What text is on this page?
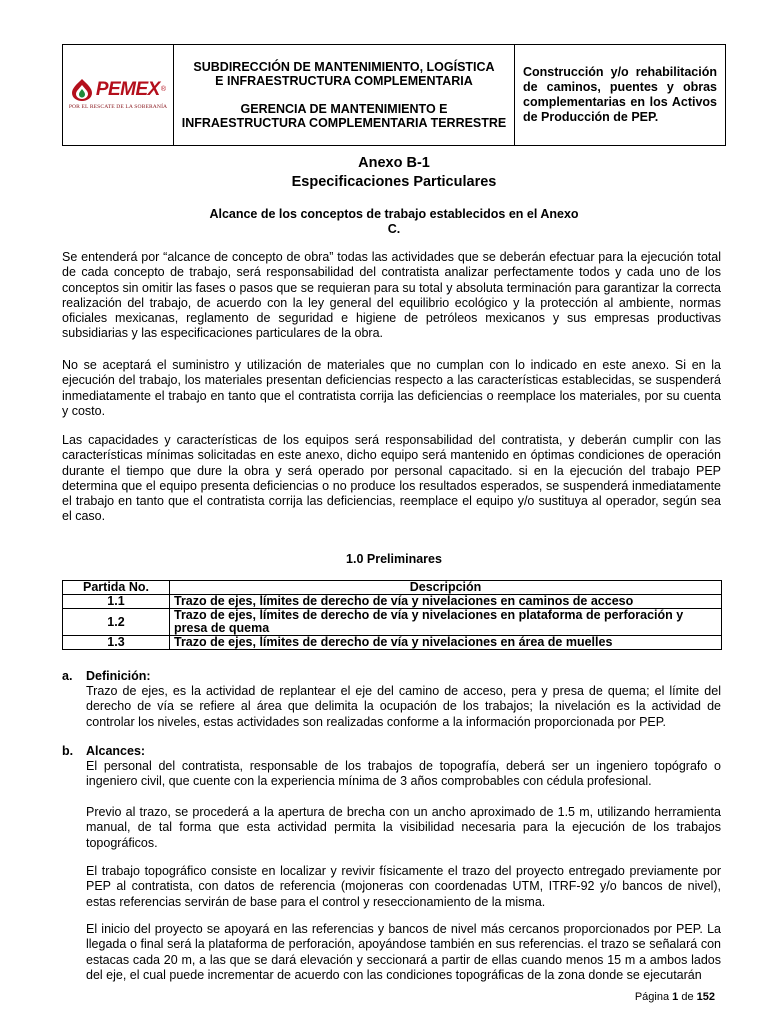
PEMEX ®
POR EL RESCATE DE LA SOBERANÍA

SUBDIRECCIÓN DE MANTENIMIENTO, LOGÍSTICA

E INFRAESTRUCTURA COMPLEMENTARIA

GERENCIA DE MANTENIMIENTO E

INFRAESTRUCTURA COMPLEMENTARIA TERRESTRE

	Construcción y/o rehabilitación de caminos, puentes y obras complementarias en los Activos de Producción de PEP.
Anexo B-1
Especificaciones Particulares
Alcance de los conceptos de trabajo establecidos en el Anexo
C.

Se entenderá por “alcance de concepto de obra” todas las actividades que se deberán efectuar para la ejecución total de cada concepto de trabajo, será responsabilidad del contratista analizar perfectamente todos y cada uno de los conceptos sin omitir las fases o pasos que se requieran para su total y absoluta terminación para garantizar la correcta realización del trabajo, de acuerdo con la ley general del equilibrio ecológico y la protección al ambiente, normas oficiales mexicanas, reglamento de seguridad e higiene de petróleos mexicanos y sus empresas productivas subsidiarias y las especificaciones particulares de la obra.

No se aceptará el suministro y utilización de materiales que no cumplan con lo indicado en este anexo. Si en la ejecución del trabajo, los materiales presentan deficiencias respecto a las características establecidas, se suspenderá inmediatamente el trabajo en tanto que el contratista corrija las deficiencias o reemplace los materiales, por su cuenta y costo.

Las capacidades y características de los equipos será responsabilidad del contratista, y deberán cumplir con las características mínimas solicitadas en este anexo, dicho equipo será mantenido en óptimas condiciones de operación durante el tiempo que dure la obra y será operado por personal capacitado. si en la ejecución del trabajo PEP determina que el equipo presenta deficiencias o no produce los resultados esperados, se suspenderá inmediatamente el trabajo en tanto que el contratista corrija las deficiencias, reemplace el equipo y/o sustituya al operador, según sea el caso.

1.0 Preliminares
Partida No.	Descripción
1.1	Trazo de ejes, límites de derecho de vía y nivelaciones en caminos de acceso
1.2	Trazo de ejes, límites de derecho de vía y nivelaciones en plataforma de perforación y presa de quema
1.3	Trazo de ejes, límites de derecho de vía y nivelaciones en área de muelles
a. Definición:

Trazo de ejes, es la actividad de replantear el eje del camino de acceso, pera y presa de quema; el límite del derecho de vía se refiere al área que delimita la ocupación de los trabajos; la nivelación es la actividad de controlar los niveles, estas actividades son realizadas conforme a la información proporcionada por PEP.

b. Alcances:

El personal del contratista, responsable de los trabajos de topografía, deberá ser un ingeniero topógrafo o ingeniero civil, que cuente con la experiencia mínima de 3 años comprobables con cédula profesional.

Previo al trazo, se procederá a la apertura de brecha con un ancho aproximado de 1.5 m, utilizando herramienta manual, de tal forma que esta actividad permita la visibilidad necesaria para la ejecución de los trabajos topográficos.

El trabajo topográfico consiste en localizar y revivir físicamente el trazo del proyecto entregado previamente por PEP al contratista, con datos de referencia (mojoneras con coordenadas UTM, ITRF-92 y/o bancos de nivel), estas referencias servirán de base para el control y reseccionamiento de la misma.

El inicio del proyecto se apoyará en las referencias y bancos de nivel más cercanos proporcionados por PEP. La llegada o final será la plataforma de perforación, apoyándose también en sus referencias. el trazo se señalará con estacas cada 20 m, a las que se dará elevación y seccionará a partir de ellas cuando menos 15 m a ambos lados del eje, el cual puede incrementar de acuerdo con las condiciones topográficas de la zona donde se ejecutarán

Página 1 de 152
